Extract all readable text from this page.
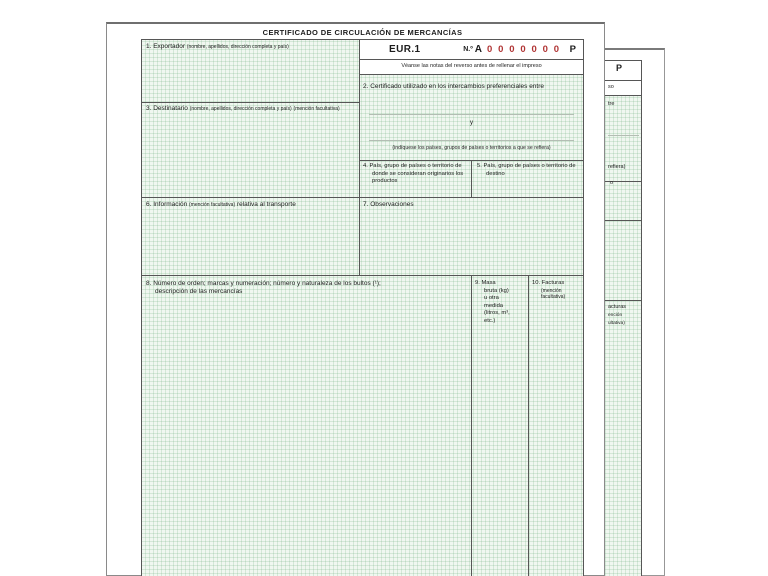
P
so
tre
refiera)
o
acturas
ención
ultativa)
CERTIFICADO DE CIRCULACIÓN DE MERCANCÍAS
1. Exportador (nombre, apellidos, dirección completa y país)	EUR.1	N.º A 0 0 0 0 0 0 0 P
Véanse las notas del reverso antes de rellenar el impreso
2. Certificado utilizado en los intercambios preferenciales entre
y
(indíquese los países, grupos de países o territorios a que se refiera)
3. Destinatario (nombre, apellidos, dirección completa y país) (mención facultativa)
4. País, grupo de países o territorio de donde se consideran originarios los productos
5. País, grupo de países o territorio de destino
6. Información (mención facultativa) relativa al transporte	7. Observaciones
8. Número de orden; marcas y numeración; número y naturaleza de los bultos (¹);
descripción de las mercancías
9. Masa
bruta (kg)
u otra
medida
(litros, m³,
etc.)
10. Facturas
(mención
facultativa)
